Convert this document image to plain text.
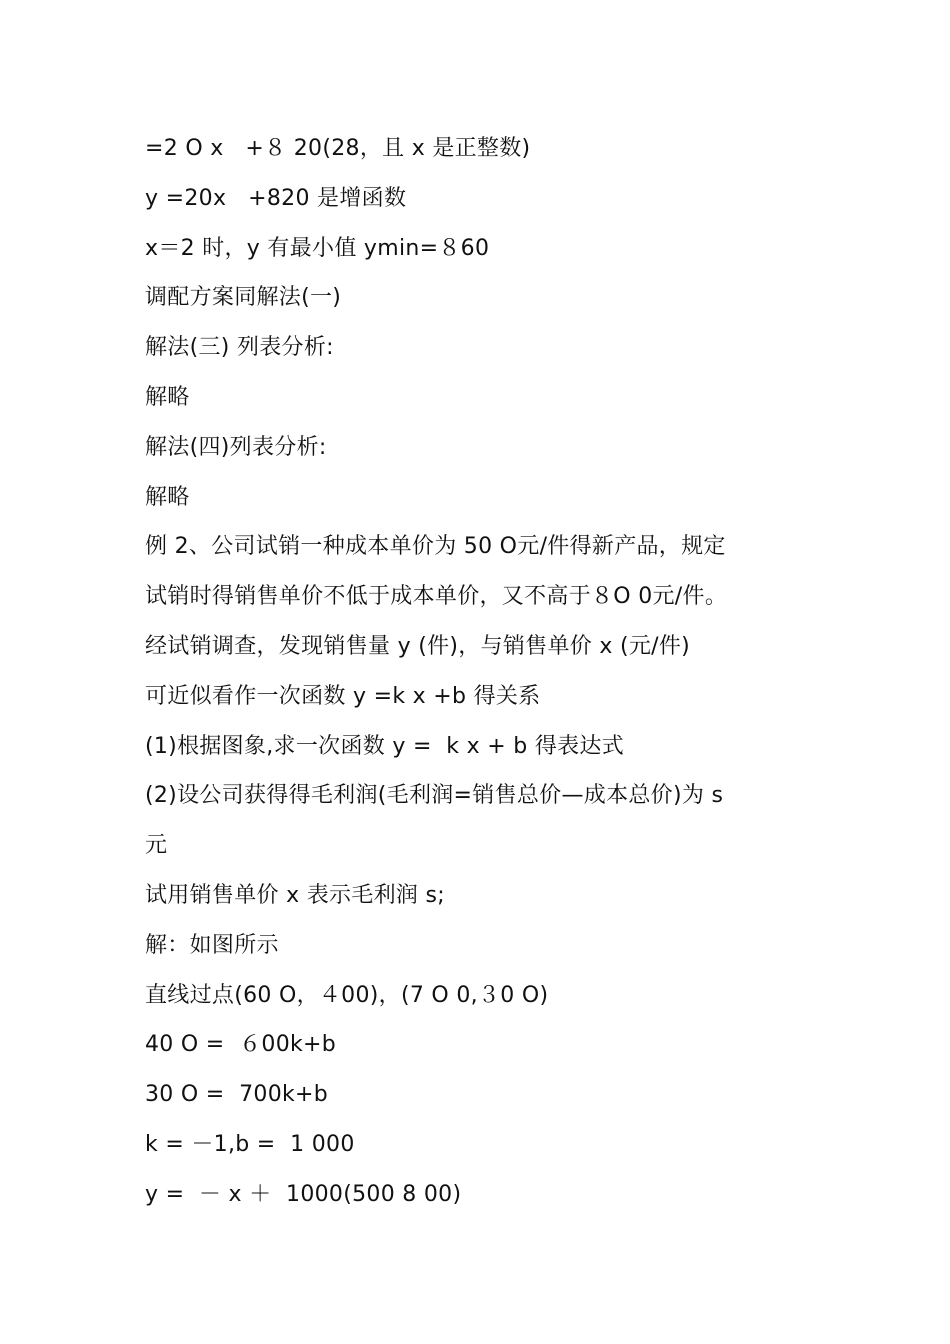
=2 O x   +８ 20(28，且 x 是正整数)
y =20x   +820 是增函数
x＝2 时，y 有最小值 ymin=８60
调配方案同解法(一)
解法(三) 列表分析:
解略
解法(四)列表分析:
解略
例 2、公司试销一种成本单价为 50 O元/件得新产品，规定
试销时得销售单价不低于成本单价，又不高于８O 0元/件。
经试销调查，发现销售量 y (件)，与销售单价 x (元/件)
可近似看作一次函数 y =k x +b 得关系
(1)根据图象,求一次函数 y =  k x + b 得表达式
(2)设公司获得得毛利润(毛利润=销售总价—成本总价)为 s
元
试用销售单价 x 表示毛利润 s;
解：如图所示
直线过点(60 O，４00)，(7 O 0,３0 O)
40 O =  ６00k+b
30 O =  700k+b
k = －1,b =  1 000
y =  － x ＋  1000(500 8 00)
